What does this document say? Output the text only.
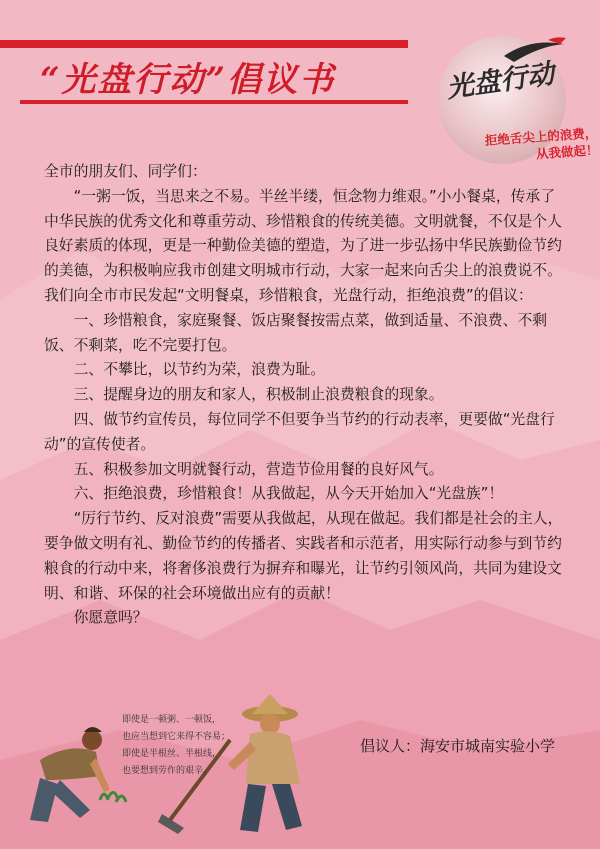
“光盘行动”倡议书	光盘行动
拒绝舌尖上的浪费，
从我做起！

全市的朋友们、同学们：

“一粥一饭，当思来之不易。半丝半缕，恒念物力维艰。”小小餐桌，传承了中华民族的优秀文化和尊重劳动、珍惜粮食的传统美德。文明就餐，不仅是个人良好素质的体现，更是一种勤俭美德的塑造，为了进一步弘扬中华民族勤俭节约的美德，为积极响应我市创建文明城市行动，大家一起来向舌尖上的浪费说不。我们向全市市民发起“文明餐桌，珍惜粮食，光盘行动，拒绝浪费”的倡议：

一、珍惜粮食，家庭聚餐、饭店聚餐按需点菜，做到适量、不浪费、不剩饭、不剩菜，吃不完要打包。

二、不攀比，以节约为荣，浪费为耻。

三、提醒身边的朋友和家人，积极制止浪费粮食的现象。

四、做节约宣传员，每位同学不但要争当节约的行动表率，更要做“光盘行动”的宣传使者。

五、积极参加文明就餐行动，营造节俭用餐的良好风气。

六、拒绝浪费，珍惜粮食！从我做起，从今天开始加入“光盘族”！

“厉行节约、反对浪费”需要从我做起，从现在做起。我们都是社会的主人，要争做文明有礼、勤俭节约的传播者、实践者和示范者，用实际行动参与到节约粮食的行动中来，将奢侈浪费行为摒弃和曝光，让节约引领风尚，共同为建设文明、和谐、环保的社会环境做出应有的贡献！

你愿意吗？

即使是一顿粥、一顿饭，
也应当想到它来得不容易；
即使是半根丝、半根线，
也要想到劳作的艰辛。
倡议人：海安市城南实验小学
